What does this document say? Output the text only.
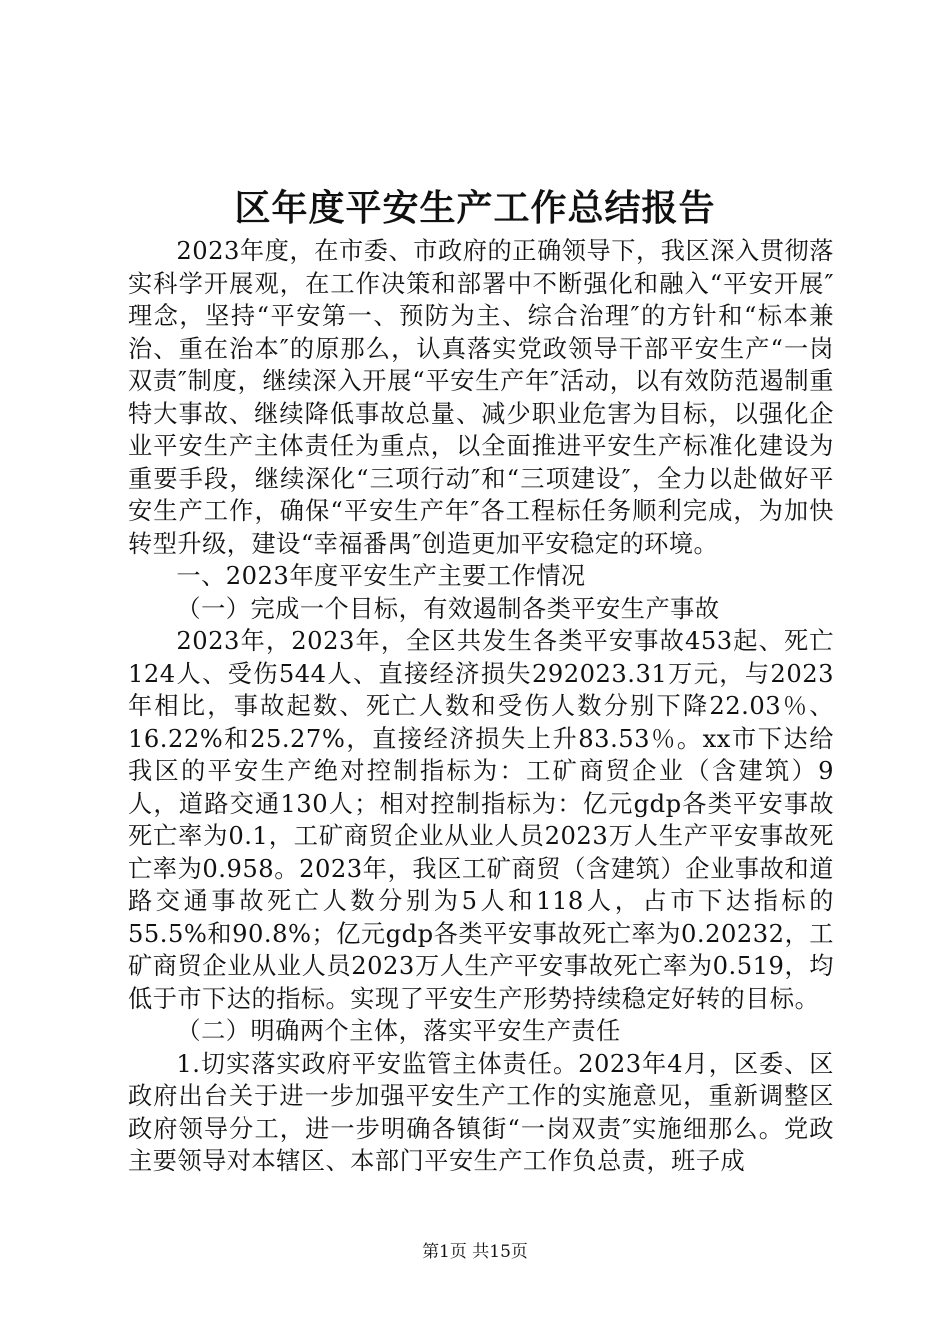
区年度平安生产工作总结报告

2023年度，在市委、市政府的正确领导下，我区深入贯彻落实科学开展观，在工作决策和部署中不断强化和融入“平安开展″理念，坚持“平安第一、预防为主、综合治理″的方针和“标本兼治、重在治本″的原那么，认真落实党政领导干部平安生产“一岗双责″制度，继续深入开展“平安生产年″活动，以有效防范遏制重特大事故、继续降低事故总量、减少职业危害为目标，以强化企业平安生产主体责任为重点，以全面推进平安生产标准化建设为重要手段，继续深化“三项行动″和“三项建设″，全力以赴做好平安生产工作，确保“平安生产年″各工程标任务顺利完成，为加快转型升级，建设“幸福番禺″创造更加平安稳定的环境。

一、2023年度平安生产主要工作情况

（一）完成一个目标，有效遏制各类平安生产事故

2023年，2023年，全区共发生各类平安事故453起、死亡124人、受伤544人、直接经济损失292023.31万元，与2023年相比，事故起数、死亡人数和受伤人数分别下降22.03％、16.22%和25.27%，直接经济损失上升83.53％。xx市下达给我区的平安生产绝对控制指标为：工矿商贸企业（含建筑）9人，道路交通130人；相对控制指标为：亿元gdp各类平安事故死亡率为0.1，工矿商贸企业从业人员2023万人生产平安事故死亡率为0.958。2023年，我区工矿商贸（含建筑）企业事故和道路交通事故死亡人数分别为5人和118人，占市下达指标的55.5%和90.8%；亿元gdp各类平安事故死亡率为0.20232，工矿商贸企业从业人员2023万人生产平安事故死亡率为0.519，均低于市下达的指标。实现了平安生产形势持续稳定好转的目标。

（二）明确两个主体，落实平安生产责任

1.切实落实政府平安监管主体责任。2023年4月，区委、区政府出台关于进一步加强平安生产工作的实施意见，重新调整区政府领导分工，进一步明确各镇街“一岗双责″实施细那么。党政主要领导对本辖区、本部门平安生产工作负总责，班子成

第1页 共15页
